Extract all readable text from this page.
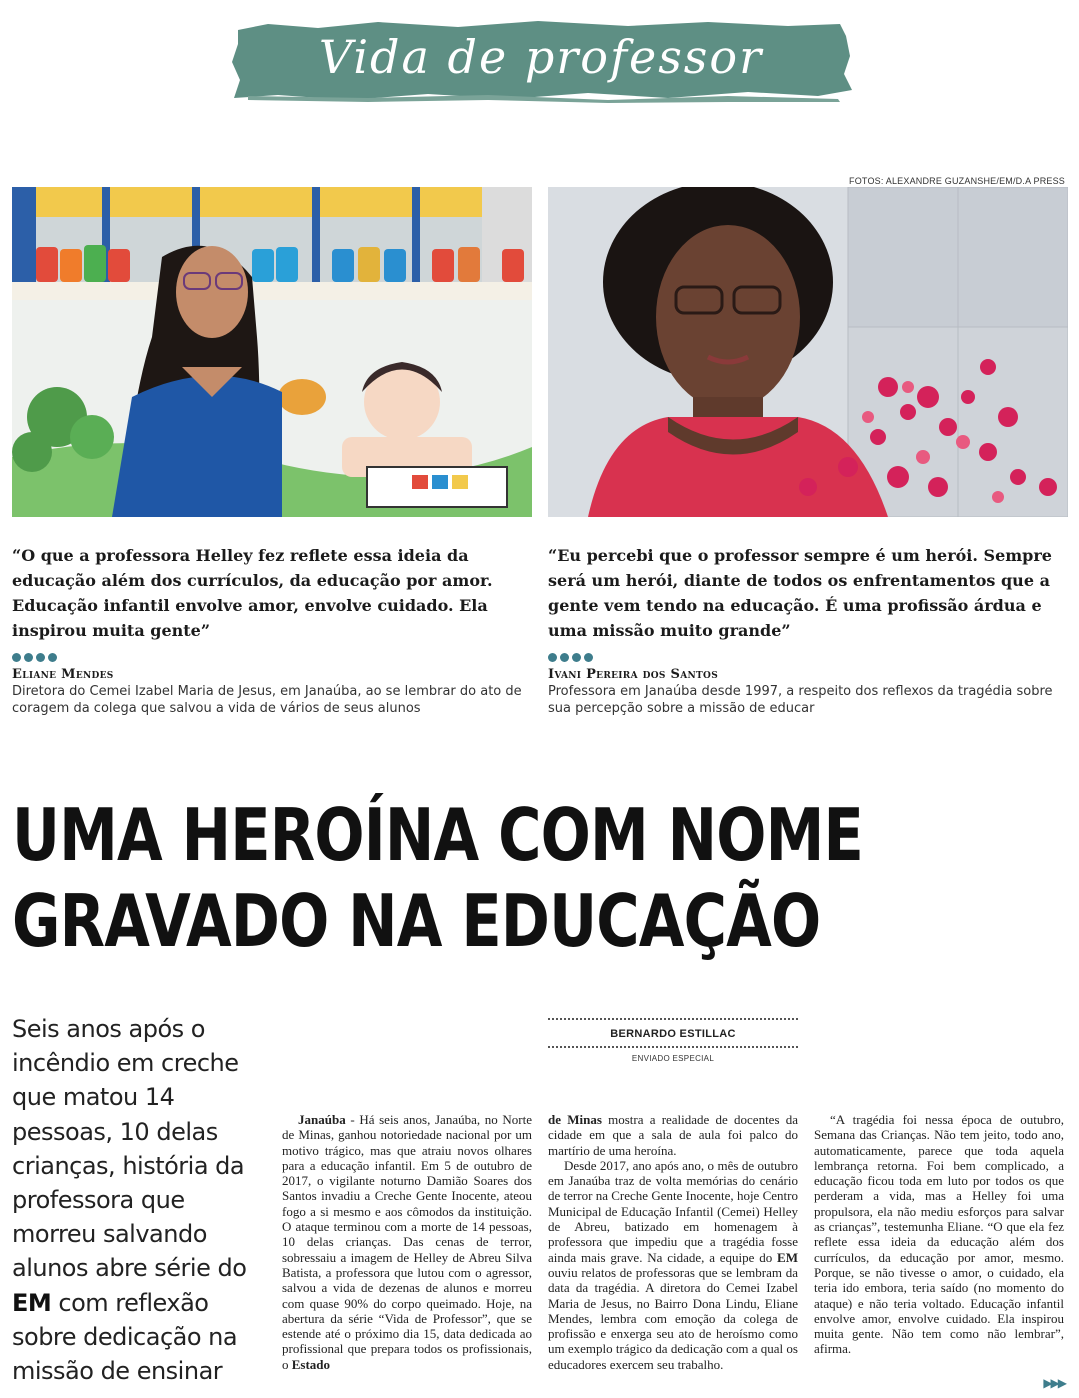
Vida de professor
FOTOS: ALEXANDRE GUZANSHE/EM/D.A PRESS
“O que a professora Helley fez reflete essa ideia da educação além dos currículos, da educação por amor. Educação infantil envolve amor, envolve cuidado. Ela inspirou muita gente”
Eliane Mendes
Diretora do Cemei Izabel Maria de Jesus, em Janaúba, ao se lembrar do ato de coragem da colega que salvou a vida de vários de seus alunos
“Eu percebi que o professor sempre é um herói. Sempre será um herói, diante de todos os enfrentamentos que a gente vem tendo na educação. É uma profissão árdua e uma missão muito grande”
Ivani Pereira dos Santos
Professora em Janaúba desde 1997, a respeito dos reflexos da tragédia sobre sua percepção sobre a missão de educar
UMA HEROÍNA COM NOME
GRAVADO NA EDUCAÇÃO
Seis anos após o incêndio em creche que matou 14 pessoas, 10 delas crianças, história da professora que morreu salvando alunos abre série do EM com reflexão sobre dedicação na missão de ensinar
BERNARDO ESTILLAC
ENVIADO ESPECIAL

Janaúba - Há seis anos, Janaúba, no Norte de Minas, ganhou notoriedade nacional por um motivo trágico, mas que atraiu novos olhares para a educação infantil. Em 5 de outubro de 2017, o vigilante noturno Damião Soares dos Santos invadiu a Creche Gente Inocente, ateou fogo a si mesmo e aos cômodos da instituição. O ataque terminou com a morte de 14 pessoas, 10 delas crianças. Das cenas de terror, sobressaiu a imagem de Helley de Abreu Silva Batista, a professora que lutou com o agressor, salvou a vida de dezenas de alunos e morreu com quase 90% do corpo queimado. Hoje, na abertura da série “Vida de Professor”, que se estende até o próximo dia 15, data dedicada ao profissional que prepara todos os profissionais, o Estado

de Minas mostra a realidade de docentes da cidade em que a sala de aula foi palco do martírio de uma heroína.

Desde 2017, ano após ano, o mês de outubro em Janaúba traz de volta memórias do cenário de terror na Creche Gente Inocente, hoje Centro Municipal de Educação Infantil (Cemei) Helley de Abreu, batizado em homenagem à professora que impediu que a tragédia fosse ainda mais grave. Na cidade, a equipe do EM ouviu relatos de professoras que se lembram da data da tragédia. A diretora do Cemei Izabel Maria de Jesus, no Bairro Dona Lindu, Eliane Mendes, lembra com emoção da colega de profissão e enxerga seu ato de heroísmo como um exemplo trágico da dedicação com a qual os educadores exercem seu trabalho.

“A tragédia foi nessa época de outubro, Semana das Crianças. Não tem jeito, todo ano, automaticamente, parece que toda aquela lembrança retorna. Foi bem complicado, a educação ficou toda em luto por todos os que perderam a vida, mas a Helley foi uma propulsora, ela não mediu esforços para salvar as crianças”, testemunha Eliane. “O que ela fez reflete essa ideia da educação além dos currículos, da educação por amor, mesmo. Porque, se não tivesse o amor, o cuidado, ela teria ido embora, teria saído (no momento do ataque) e não teria voltado. Educação infantil envolve amor, envolve cuidado. Ela inspirou muita gente. Não tem como não lembrar”, afirma.

▶▶▶
